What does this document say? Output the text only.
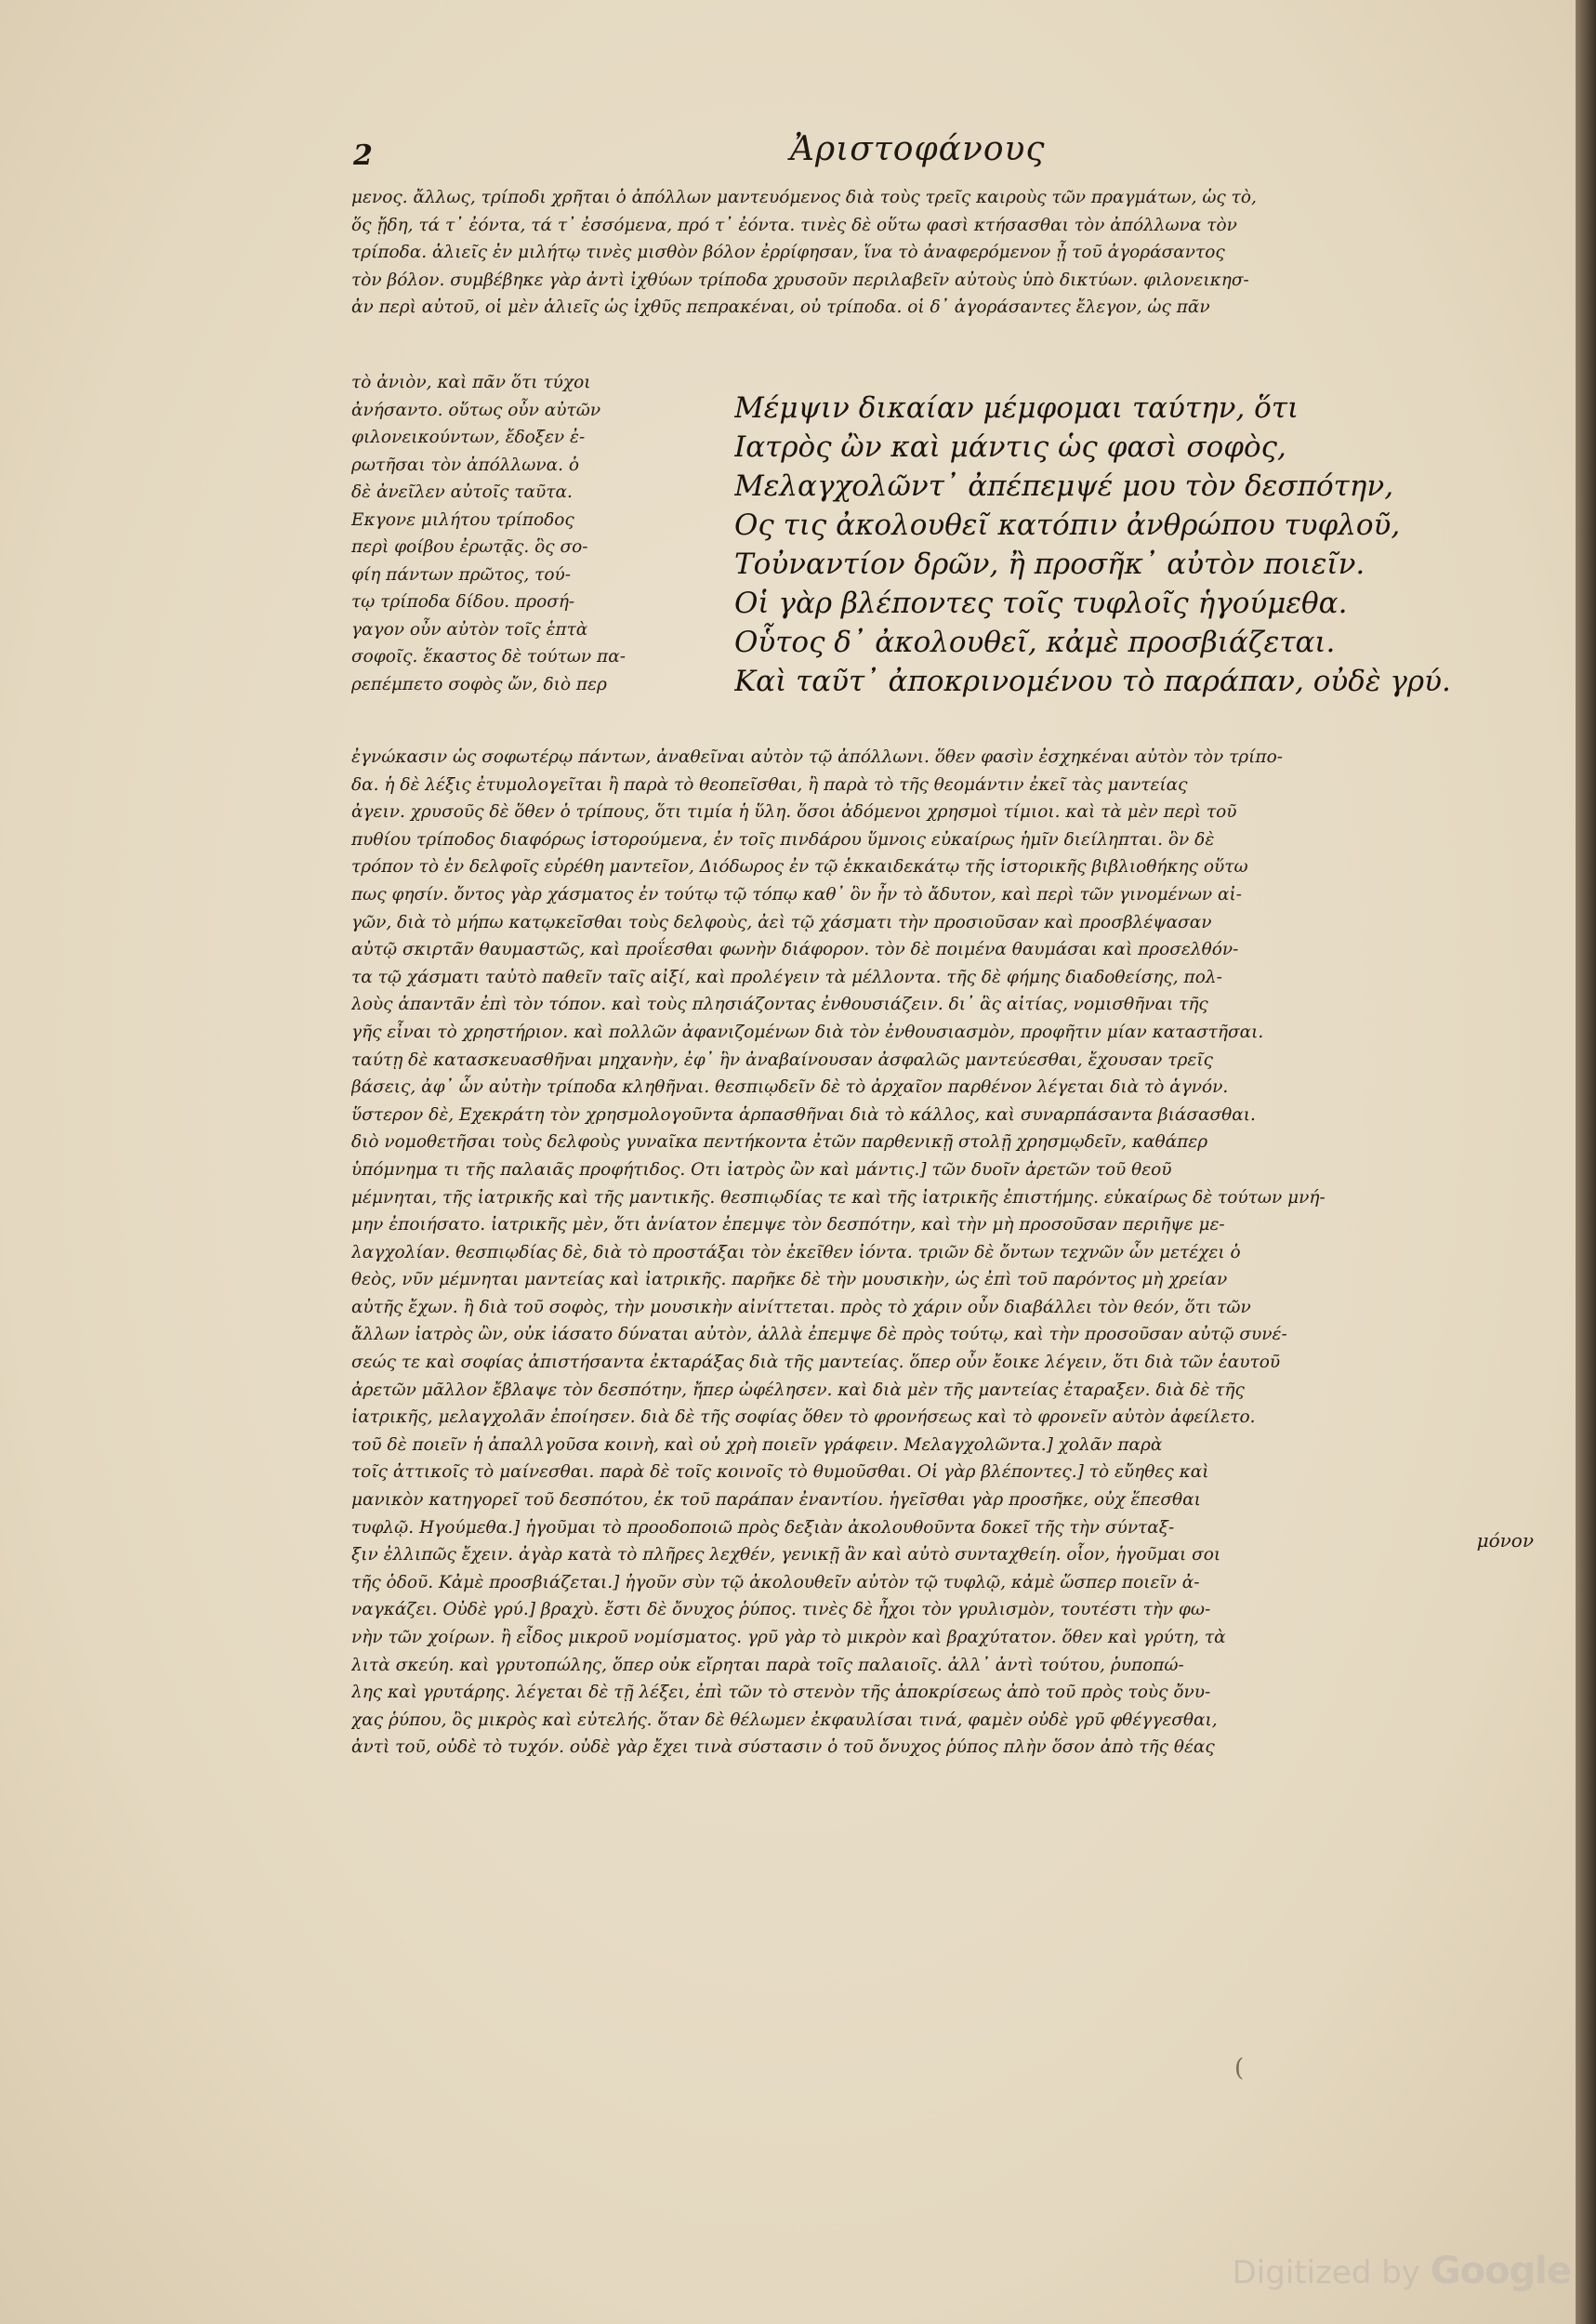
2	Ἀριστοφάνους
μενος. ἄλλως, τρίποδι χρῆται ὁ ἀπόλλων μαντευόμενος διὰ τοὺς τρεῖς καιροὺς τῶν πραγμάτων, ὡς τὸ,
ὅς ᾔδη, τά τ᾽ ἐόντα, τά τ᾽ ἐσσόμενα, πρό τ᾽ ἐόντα. τινὲς δὲ οὕτω φασὶ κτήσασθαι τὸν ἀπόλλωνα τὸν
τρίποδα. ἁλιεῖς ἐν μιλήτῳ τινὲς μισθὸν βόλον ἐρρίφησαν, ἵνα τὸ ἀναφερόμενον ᾖ τοῦ ἀγοράσαντος
τὸν βόλον. συμβέβηκε γὰρ ἀντὶ ἰχθύων τρίποδα χρυσοῦν περιλαβεῖν αὐτοὺς ὑπὸ δικτύων. φιλονεικησ-
ἀν περὶ αὐτοῦ, οἱ μὲν ἁλιεῖς ὡς ἰχθῦς πεπρακέναι, οὐ τρίποδα. οἱ δ᾽ ἀγοράσαντες ἔλεγον, ὡς πᾶν
τὸ ἀνιὸν, καὶ πᾶν ὅτι τύχοι
ἀνήσαντο. οὕτως οὖν αὐτῶν
φιλονεικούντων, ἔδοξεν ἐ-
ρωτῆσαι τὸν ἀπόλλωνα. ὁ
δὲ ἀνεῖλεν αὐτοῖς ταῦτα.
Εκγονε μιλήτου τρίποδος
περὶ φοίβου ἐρωτᾷς. ὃς σο-
φίη πάντων πρῶτος, τού-
τῳ τρίποδα δίδου. προσή-
γαγον οὖν αὐτὸν τοῖς ἑπτὰ
σοφοῖς. ἕκαστος δὲ τούτων πα-
ρεπέμπετο σοφὸς ὤν, διὸ περ
Μέμψιν δικαίαν μέμφομαι ταύτην, ὅτι
Ιατρὸς ὢν καὶ μάντις ὡς φασὶ σοφὸς,
Μελαγχολῶντ᾽ ἀπέπεμψέ μου τὸν δεσπότην,
Ος τις ἀκολουθεῖ κατόπιν ἀνθρώπου τυφλοῦ,
Τοὐναντίον δρῶν, ἢ προσῆκ᾽ αὐτὸν ποιεῖν.
Οἱ γὰρ βλέποντες τοῖς τυφλοῖς ἡγούμεθα.
Οὗτος δ᾽ ἀκολουθεῖ, κἀμὲ προσβιάζεται.
Καὶ ταῦτ᾽ ἀποκρινομένου τὸ παράπαν, οὐδὲ γρύ.
ἐγνώκασιν ὡς σοφωτέρῳ πάντων, ἀναθεῖναι αὐτὸν τῷ ἀπόλλωνι. ὅθεν φασὶν ἐσχηκέναι αὐτὸν τὸν τρίπο-
δα. ἡ δὲ λέξις ἐτυμολογεῖται ἢ παρὰ τὸ θεοπεῖσθαι, ἢ παρὰ τὸ τῆς θεομάντιν ἐκεῖ τὰς μαντείας
ἀγειν. χρυσοῦς δὲ ὅθεν ὁ τρίπους, ὅτι τιμία ἡ ὕλη. ὅσοι ἀδόμενοι χρησμοὶ τίμιοι. καὶ τὰ μὲν περὶ τοῦ
πυθίου τρίποδος διαφόρως ἱστορούμενα, ἐν τοῖς πινδάρου ὕμνοις εὐκαίρως ἡμῖν διείληπται. ὃν δὲ
τρόπον τὸ ἐν δελφοῖς εὑρέθη μαντεῖον, Διόδωρος ἐν τῷ ἑκκαιδεκάτῳ τῆς ἱστορικῆς βιβλιοθήκης οὕτω
πως φησίν. ὄντος γὰρ χάσματος ἐν τούτῳ τῷ τόπῳ καθ᾽ ὃν ἦν τὸ ἄδυτον, καὶ περὶ τῶν γινομένων αἰ-
γῶν, διὰ τὸ μήπω κατῳκεῖσθαι τοὺς δελφοὺς, ἀεὶ τῷ χάσματι τὴν προσιοῦσαν καὶ προσβλέψασαν
αὐτῷ σκιρτᾶν θαυμαστῶς, καὶ προΐεσθαι φωνὴν διάφορον. τὸν δὲ ποιμένα θαυμάσαι καὶ προσελθόν-
τα τῷ χάσματι ταὐτὸ παθεῖν ταῖς αἰξί, καὶ προλέγειν τὰ μέλλοντα. τῆς δὲ φήμης διαδοθείσης, πολ-
λοὺς ἀπαντᾶν ἐπὶ τὸν τόπον. καὶ τοὺς πλησιάζοντας ἐνθουσιάζειν. δι᾽ ἃς αἰτίας, νομισθῆναι τῆς
γῆς εἶναι τὸ χρηστήριον. καὶ πολλῶν ἀφανιζομένων διὰ τὸν ἐνθουσιασμὸν, προφῆτιν μίαν καταστῆσαι.
ταύτῃ δὲ κατασκευασθῆναι μηχανὴν, ἐφ᾽ ἣν ἀναβαίνουσαν ἀσφαλῶς μαντεύεσθαι, ἔχουσαν τρεῖς
βάσεις, ἀφ᾽ ὧν αὐτὴν τρίποδα κληθῆναι. θεσπιῳδεῖν δὲ τὸ ἀρχαῖον παρθένον λέγεται διὰ τὸ ἁγνόν.
ὕστερον δὲ, Εχεκράτη τὸν χρησμολογοῦντα ἁρπασθῆναι διὰ τὸ κάλλος, καὶ συναρπάσαντα βιάσασθαι.
διὸ νομοθετῆσαι τοὺς δελφοὺς γυναῖκα πεντήκοντα ἐτῶν παρθενικῇ στολῇ χρησμῳδεῖν, καθάπερ
ὑπόμνημα τι τῆς παλαιᾶς προφήτιδος. Οτι ἰατρὸς ὢν καὶ μάντις.] τῶν δυοῖν ἀρετῶν τοῦ θεοῦ
μέμνηται, τῆς ἰατρικῆς καὶ τῆς μαντικῆς. θεσπιῳδίας τε καὶ τῆς ἰατρικῆς ἐπιστήμης. εὐκαίρως δὲ τούτων μνή-
μην ἐποιήσατο. ἰατρικῆς μὲν, ὅτι ἀνίατον ἐπεμψε τὸν δεσπότην, καὶ τὴν μὴ προσοῦσαν περιῆψε με-
λαγχολίαν. θεσπιῳδίας δὲ, διὰ τὸ προστάξαι τὸν ἐκεῖθεν ἰόντα. τριῶν δὲ ὄντων τεχνῶν ὧν μετέχει ὁ
θεὸς, νῦν μέμνηται μαντείας καὶ ἰατρικῆς. παρῆκε δὲ τὴν μουσικὴν, ὡς ἐπὶ τοῦ παρόντος μὴ χρείαν
αὐτῆς ἔχων. ἢ διὰ τοῦ σοφὸς, τὴν μουσικὴν αἰνίττεται. πρὸς τὸ χάριν οὖν διαβάλλει τὸν θεόν, ὅτι τῶν
ἄλλων ἰατρὸς ὢν, οὐκ ἰάσατο δύναται αὐτὸν, ἀλλὰ ἐπεμψε δὲ πρὸς τούτῳ, καὶ τὴν προσοῦσαν αὐτῷ συνέ-
σεώς τε καὶ σοφίας ἀπιστήσαντα ἐκταράξας διὰ τῆς μαντείας. ὅπερ οὖν ἔοικε λέγειν, ὅτι διὰ τῶν ἑαυτοῦ
ἀρετῶν μᾶλλον ἔβλαψε τὸν δεσπότην, ἤπερ ὠφέλησεν. καὶ διὰ μὲν τῆς μαντείας ἐταραξεν. διὰ δὲ τῆς
ἰατρικῆς, μελαγχολᾶν ἐποίησεν. διὰ δὲ τῆς σοφίας ὅθεν τὸ φρονήσεως καὶ τὸ φρονεῖν αὐτὸν ἀφείλετο.
τοῦ δὲ ποιεῖν ἡ ἀπαλλγοῦσα κοινὴ, καὶ οὐ χρὴ ποιεῖν γράφειν. Μελαγχολῶντα.] χολᾶν παρὰ
τοῖς ἀττικοῖς τὸ μαίνεσθαι. παρὰ δὲ τοῖς κοινοῖς τὸ θυμοῦσθαι. Οἱ γὰρ βλέποντες.] τὸ εὔηθες καὶ
μανικὸν κατηγορεῖ τοῦ δεσπότου, ἐκ τοῦ παράπαν ἐναντίου. ἡγεῖσθαι γὰρ προσῆκε, οὐχ ἕπεσθαι
τυφλῷ. Ηγούμεθα.] ἡγοῦμαι τὸ προοδοποιῶ πρὸς δεξιὰν ἀκολουθοῦντα δοκεῖ τῆς τὴν σύνταξ-
ξιν ἐλλιπῶς ἔχειν. ἀγὰρ κατὰ τὸ πλῆρες λεχθέν, γενικῇ ἂν καὶ αὐτὸ συνταχθείη. οἷον, ἡγοῦμαι σοι
τῆς ὁδοῦ. Κἀμὲ προσβιάζεται.] ἡγοῦν σὺν τῷ ἀκολουθεῖν αὐτὸν τῷ τυφλῷ, κἀμὲ ὥσπερ ποιεῖν ἀ-
ναγκάζει. Οὐδὲ γρύ.] βραχὺ. ἔστι δὲ ὄνυχος ῥύπος. τινὲς δὲ ἦχοι τὸν γρυλισμὸν, τουτέστι τὴν φω-
νὴν τῶν χοίρων. ἢ εἶδος μικροῦ νομίσματος. γρῦ γὰρ τὸ μικρὸν καὶ βραχύτατον. ὅθεν καὶ γρύτη, τὰ
λιτὰ σκεύη. καὶ γρυτοπώλης, ὅπερ οὐκ εἴρηται παρὰ τοῖς παλαιοῖς. ἀλλ᾽ ἀντὶ τούτου, ῥυποπώ-
λης καὶ γρυτάρης. λέγεται δὲ τῇ λέξει, ἐπὶ τῶν τὸ στενὸν τῆς ἀποκρίσεως ἀπὸ τοῦ πρὸς τοὺς ὄνυ-
χας ῥύπου, ὃς μικρὸς καὶ εὐτελής. ὅταν δὲ θέλωμεν ἐκφαυλίσαι τινά, φαμὲν οὐδὲ γρῦ φθέγγεσθαι,
ἀντὶ τοῦ, οὐδὲ τὸ τυχόν. οὐδὲ γὰρ ἔχει τινὰ σύστασιν ὁ τοῦ ὄνυχος ῥύπος πλὴν ὅσον ἀπὸ τῆς θέας
μόνον
(
Digitized by Google
